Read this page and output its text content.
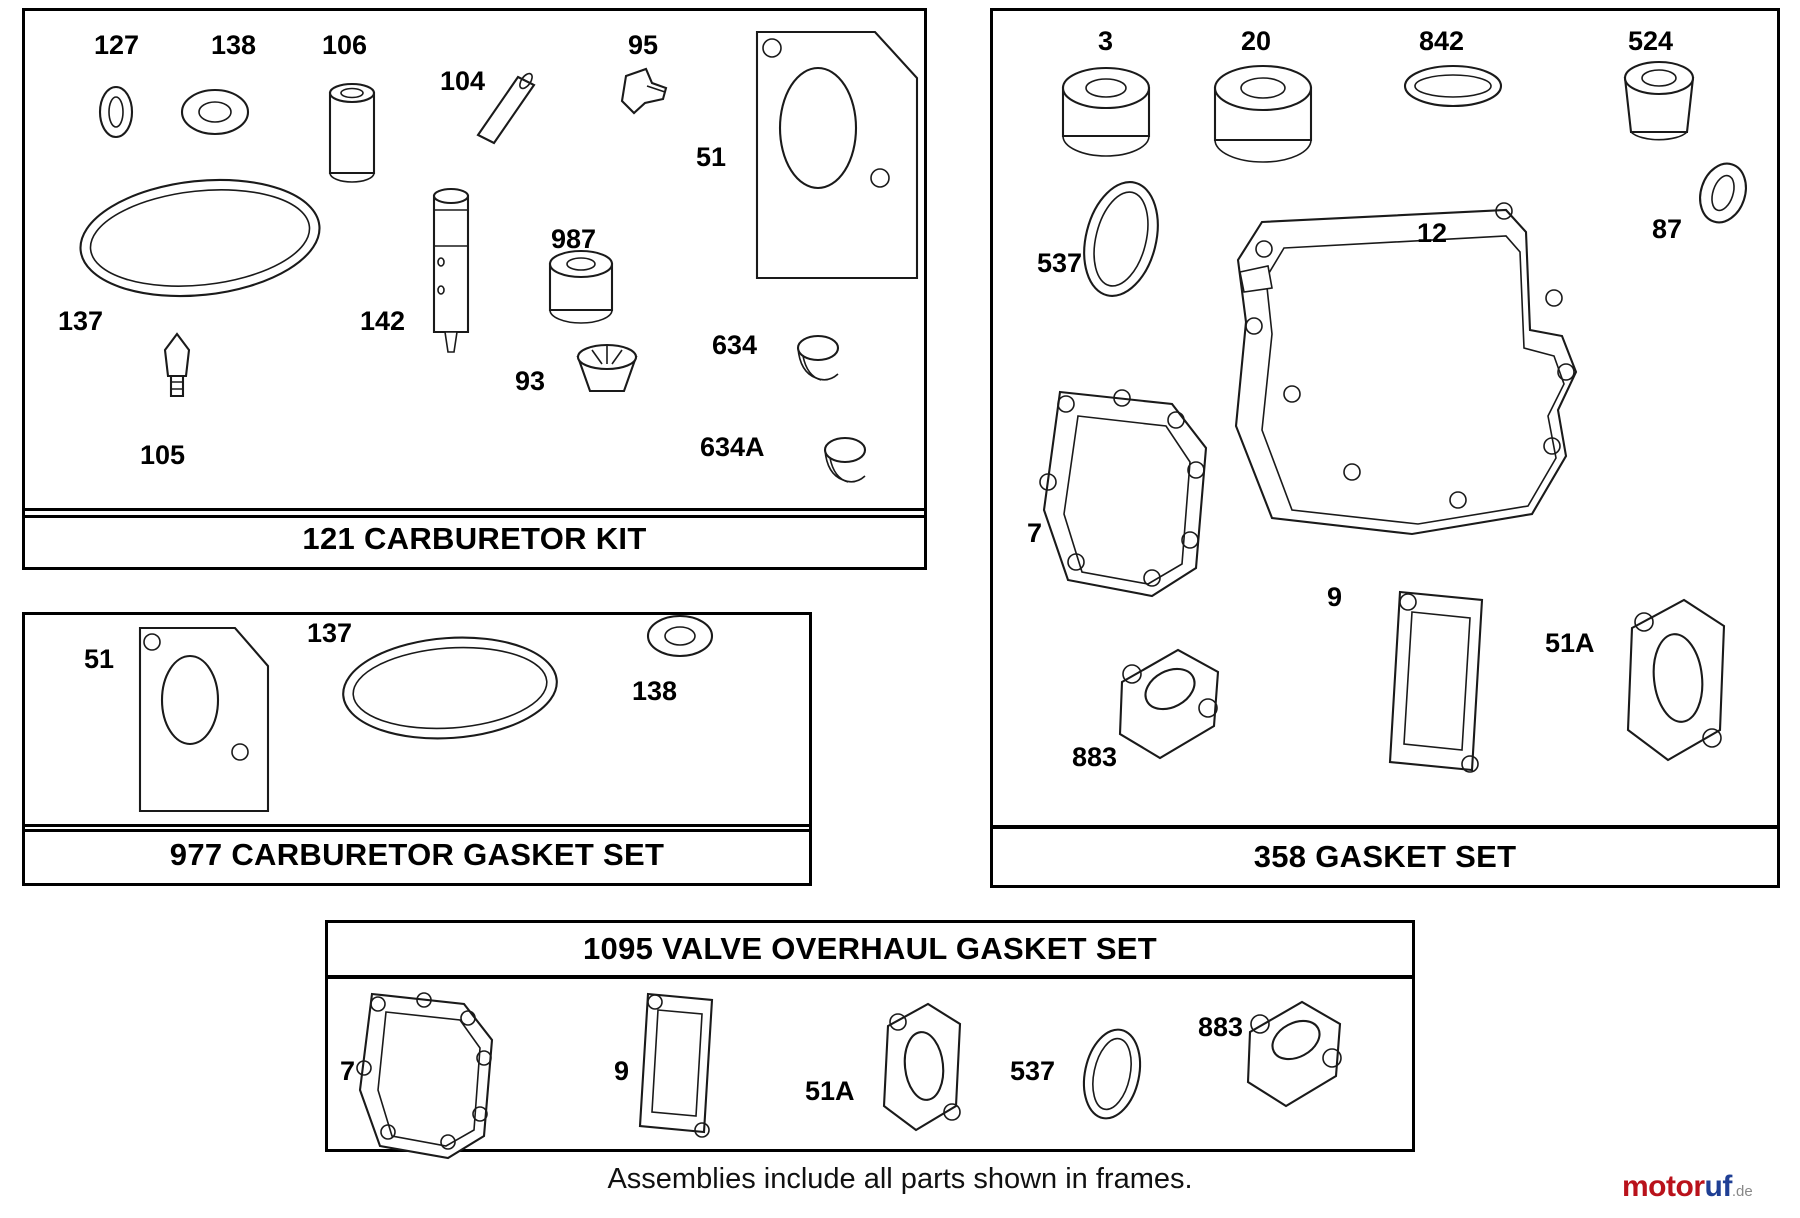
121 CARBURETOR KIT
127	138 106
104
95
51
137	142
987
93
105
634
634A
977 CARBURETOR GASKET SET
51
137
138
358 GASKET SET
3	20	842	524
537
12	87
7
9
51A
883
1095 VALVE OVERHAUL GASKET SET
7	9
51A
537
883
Assemblies include all parts shown in frames.	motoruf.de
